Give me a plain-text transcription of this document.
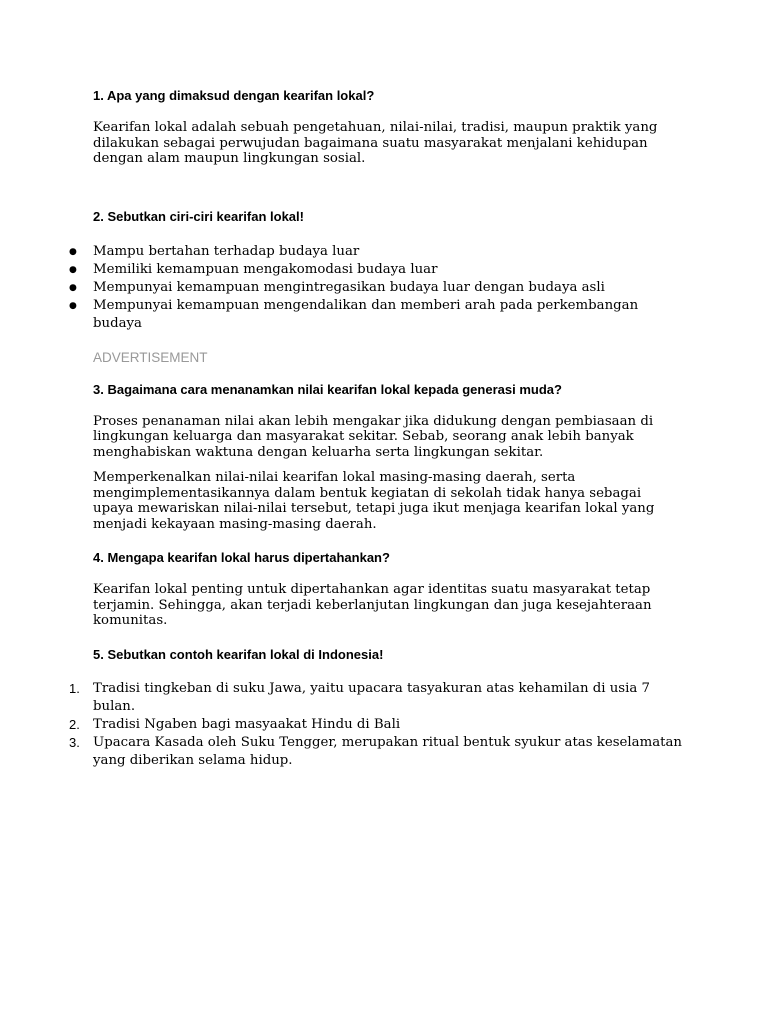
1. Apa yang dimaksud dengan kearifan lokal?

Kearifan lokal adalah sebuah pengetahuan, nilai-nilai, tradisi, maupun praktik yang dilakukan sebagai perwujudan bagaimana suatu masyarakat menjalani kehidupan dengan alam maupun lingkungan sosial.

2. Sebutkan ciri-ciri kearifan lokal!

● Mampu bertahan terhadap budaya luar
● Memiliki kemampuan mengakomodasi budaya luar
● Mempunyai kemampuan mengintregasikan budaya luar dengan budaya asli
● Mempunyai kemampuan mengendalikan dan memberi arah pada perkembangan budaya

ADVERTISEMENT

3. Bagaimana cara menanamkan nilai kearifan lokal kepada generasi muda?

Proses penanaman nilai akan lebih mengakar jika didukung dengan pembiasaan di lingkungan keluarga dan masyarakat sekitar. Sebab, seorang anak lebih banyak menghabiskan waktuna dengan keluarha serta lingkungan sekitar.

Memperkenalkan nilai-nilai kearifan lokal masing-masing daerah, serta mengimplementasikannya dalam bentuk kegiatan di sekolah tidak hanya sebagai upaya mewariskan nilai-nilai tersebut, tetapi juga ikut menjaga kearifan lokal yang menjadi kekayaan masing-masing daerah.

4. Mengapa kearifan lokal harus dipertahankan?

Kearifan lokal penting untuk dipertahankan agar identitas suatu masyarakat tetap terjamin. Sehingga, akan terjadi keberlanjutan lingkungan dan juga kesejahteraan komunitas.

5. Sebutkan contoh kearifan lokal di Indonesia!

1. Tradisi tingkeban di suku Jawa, yaitu upacara tasyakuran atas kehamilan di usia 7 bulan.
2. Tradisi Ngaben bagi masyaakat Hindu di Bali
3. Upacara Kasada oleh Suku Tengger, merupakan ritual bentuk syukur atas keselamatan yang diberikan selama hidup.
